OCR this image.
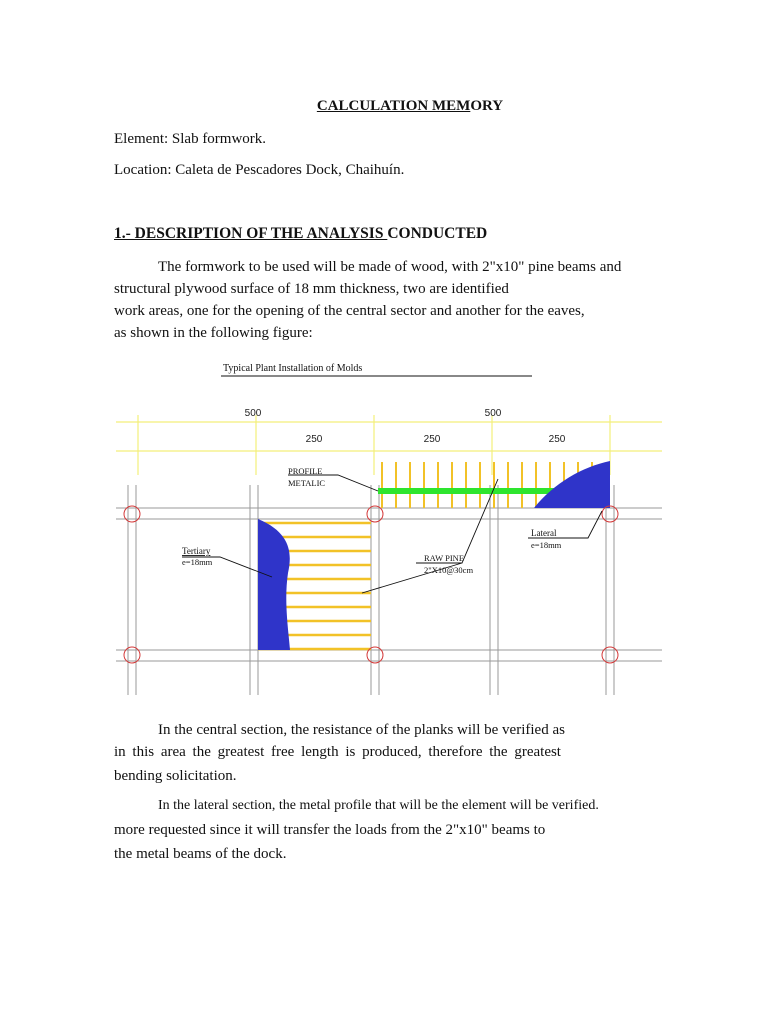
CALCULATION MEMORY
Element: Slab formwork.
Location: Caleta de Pescadores Dock, Chaihuín.
1.- DESCRIPTION OF THE ANALYSIS CONDUCTED
The formwork to be used will be made of wood, with 2"x10" pine beams and
structural plywood surface of 18 mm thickness, two are identified
work areas, one for the opening of the central sector and another for the eaves,
as shown in the following figure:
Typical Plant Installation of Molds
500	500
250	250	250
PROFILE
METALIC
Tertiary
e=18mm	RAW PINE
2"X10@30cm
Lateral
e=18mm
In the central section, the resistance of the planks will be verified as
in this area the greatest free length is produced, therefore the greatest
bending solicitation.
In the lateral section, the metal profile that will be the element will be verified.
more requested since it will transfer the loads from the 2"x10" beams to
the metal beams of the dock.
